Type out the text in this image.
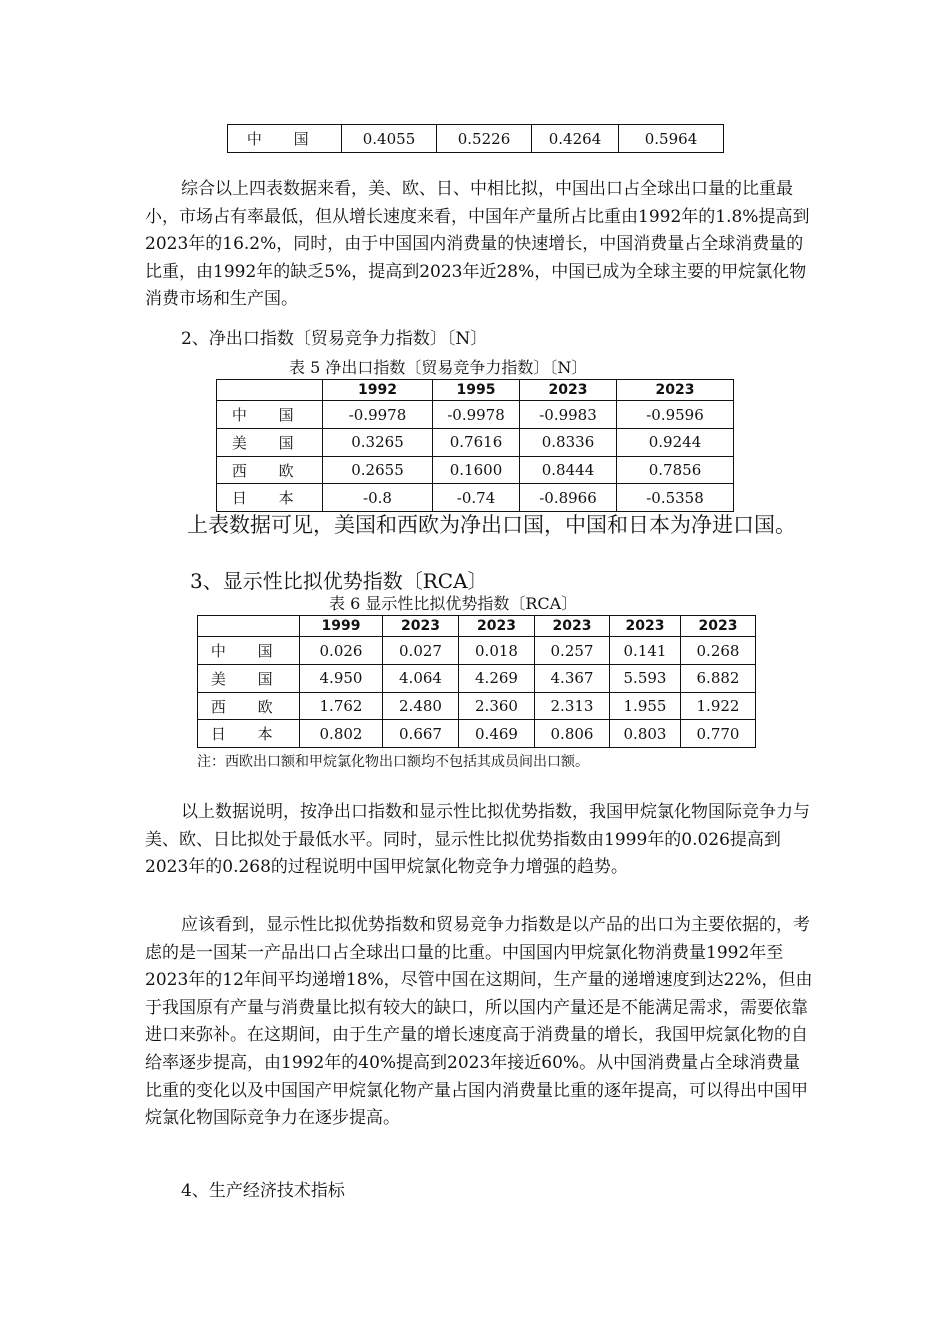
中 国	0.4055	0.5226	0.4264	0.5964
综合以上四表数据来看，美、欧、日、中相比拟，中国出口占全球出口量的比重最小，市场占有率最低，但从增长速度来看，中国年产量所占比重由1992年的1.8%提高到2023年的16.2%，同时，由于中国国内消费量的快速增长，中国消费量占全球消费量的比重，由1992年的缺乏5%，提高到2023年近28%，中国已成为全球主要的甲烷氯化物消费市场和生产国。
2、净出口指数〔贸易竞争力指数〕〔N〕
表 5 净出口指数〔贸易竞争力指数〕〔N〕
	1992	1995	2023	2023
中 国	-0.9978	-0.9978	-0.9983	-0.9596
美 国	0.3265	0.7616	0.8336	0.9244
西 欧	0.2655	0.1600	0.8444	0.7856
日 本	-0.8	-0.74	-0.8966	-0.5358
上表数据可见，美国和西欧为净出口国，中国和日本为净进口国。
3、显示性比拟优势指数〔RCA〕
表 6 显示性比拟优势指数〔RCA〕
	1999	2023	2023	2023	2023	2023
中 国	0.026	0.027	0.018	0.257	0.141	0.268
美 国	4.950	4.064	4.269	4.367	5.593	6.882
西 欧	1.762	2.480	2.360	2.313	1.955	1.922
日 本	0.802	0.667	0.469	0.806	0.803	0.770
注：西欧出口额和甲烷氯化物出口额均不包括其成员间出口额。
以上数据说明，按净出口指数和显示性比拟优势指数，我国甲烷氯化物国际竞争力与美、欧、日比拟处于最低水平。同时，显示性比拟优势指数由1999年的0.026提高到2023年的0.268的过程说明中国甲烷氯化物竞争力增强的趋势。
应该看到，显示性比拟优势指数和贸易竞争力指数是以产品的出口为主要依据的，考虑的是一国某一产品出口占全球出口量的比重。中国国内甲烷氯化物消费量1992年至2023年的12年间平均递增18%，尽管中国在这期间，生产量的递增速度到达22%，但由于我国原有产量与消费量比拟有较大的缺口，所以国内产量还是不能满足需求，需要依靠进口来弥补。在这期间，由于生产量的增长速度高于消费量的增长，我国甲烷氯化物的自给率逐步提高，由1992年的40%提高到2023年接近60%。从中国消费量占全球消费量比重的变化以及中国国产甲烷氯化物产量占国内消费量比重的逐年提高，可以得出中国甲烷氯化物国际竞争力在逐步提高。
4、生产经济技术指标
